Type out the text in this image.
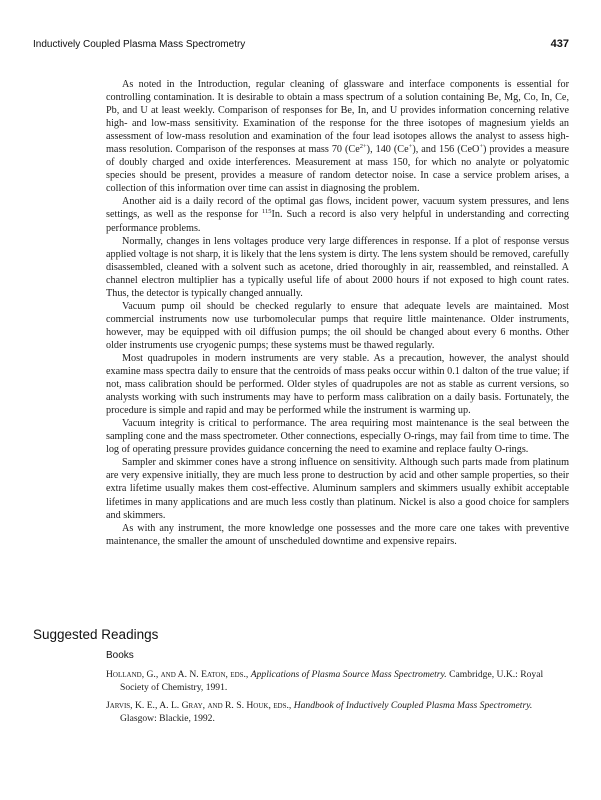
Inductively Coupled Plasma Mass Spectrometry	437

As noted in the Introduction, regular cleaning of glassware and interface components is essential for controlling contamination. It is desirable to obtain a mass spectrum of a solution containing Be, Mg, Co, In, Ce, Pb, and U at least weekly. Comparison of responses for Be, In, and U provides information concerning relative high- and low-mass sensitivity. Examination of the response for the three isotopes of magnesium yields an assessment of low-mass resolution and examination of the four lead isotopes allows the analyst to assess high-mass resolution. Comparison of the responses at mass 70 $(Ce^{2+})$, 140 (Ce+), and 156 (CeO+) provides a measure of doubly charged and oxide interferences. Measurement at mass 150, for which no analyte or polyatomic species should be present, provides a measure of random detector noise. In case a service problem arises, a collection of this information over time can assist in diagnosing the problem.

Another aid is a daily record of the optimal gas flows, incident power, vacuum system pressures, and lens settings, as well as the response for $^{115}$In. Such a record is also very helpful in understanding and correcting performance problems.

Normally, changes in lens voltages produce very large differences in response. If a plot of response versus applied voltage is not sharp, it is likely that the lens system is dirty. The lens system should be removed, carefully disassembled, cleaned with a solvent such as acetone, dried thoroughly in air, reassembled, and reinstalled. A channel electron multiplier has a typically useful life of about 2000 hours if not exposed to high count rates. Thus, the detector is typically changed annually.

Vacuum pump oil should be checked regularly to ensure that adequate levels are maintained. Most commercial instruments now use turbomolecular pumps that require little maintenance. Older instruments, however, may be equipped with oil diffusion pumps; the oil should be changed about every 6 months. Other older instruments use cryogenic pumps; these systems must be thawed regularly.

Most quadrupoles in modern instruments are very stable. As a precaution, however, the analyst should examine mass spectra daily to ensure that the centroids of mass peaks occur within 0.1 dalton of the true value; if not, mass calibration should be performed. Older styles of quadrupoles are not as stable as current versions, so analysts working with such instruments may have to perform mass calibration on a daily basis. Fortunately, the procedure is simple and rapid and may be performed while the instrument is warming up.

Vacuum integrity is critical to performance. The area requiring most maintenance is the seal between the sampling cone and the mass spectrometer. Other connections, especially O-rings, may fail from time to time. The log of operating pressure provides guidance concerning the need to examine and replace faulty O-rings.

Sampler and skimmer cones have a strong influence on sensitivity. Although such parts made from platinum are very expensive initially, they are much less prone to destruction by acid and other sample properties, so their extra lifetime usually makes them cost-effective. Aluminum samplers and skimmers usually exhibit acceptable lifetimes in many applications and are much less costly than platinum. Nickel is also a good choice for samplers and skimmers.

As with any instrument, the more knowledge one possesses and the more care one takes with preventive maintenance, the smaller the amount of unscheduled downtime and expensive repairs.

Suggested Readings
Books
Holland, G., and A. N. Eaton, eds., Applications of Plasma Source Mass Spectrometry. Cambridge, U.K.: Royal Society of Chemistry, 1991.
Jarvis, K. E., A. L. Gray, and R. S. Houk, eds., Handbook of Inductively Coupled Plasma Mass Spectrometry. Glasgow: Blackie, 1992.
